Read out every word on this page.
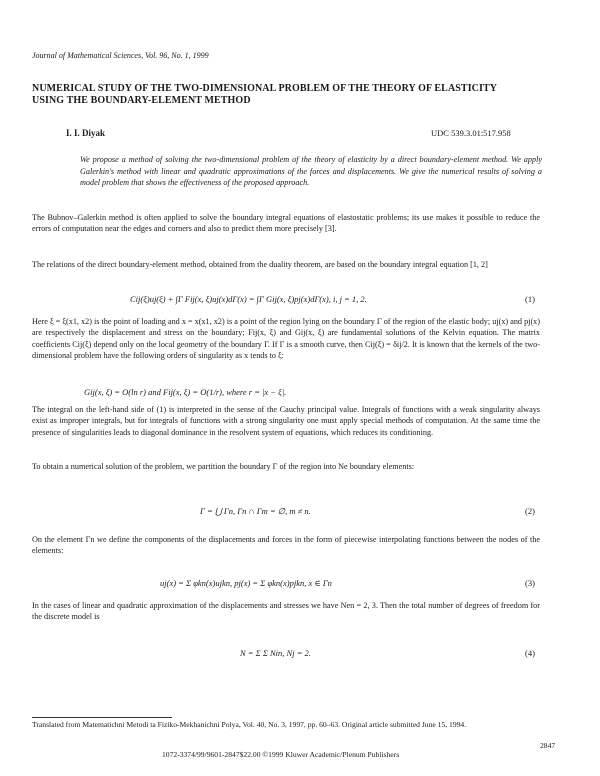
Journal of Mathematical Sciences, Vol. 96, No. 1, 1999
NUMERICAL STUDY OF THE TWO-DIMENSIONAL PROBLEM OF THE THEORY OF ELASTICITY USING THE BOUNDARY-ELEMENT METHOD
I. I. Diyak	UDC 539.3.01:517.958
We propose a method of solving the two-dimensional problem of the theory of elasticity by a direct boundary-element method. We apply Galerkin's method with linear and quadratic approximations of the forces and displacements. We give the numerical results of solving a model problem that shows the effectiveness of the proposed approach.
The Bubnov–Galerkin method is often applied to solve the boundary integral equations of elastostatic problems; its use makes it possible to reduce the errors of computation near the edges and corners and also to predict them more precisely [3].
The relations of the direct boundary-element method, obtained from the duality theorem, are based on the boundary integral equation [1, 2]
Cij(ξ)uj(ξ) + ∫Γ Fij(x, ξ)uj(x)dΓ(x) = ∫Γ Gij(x, ξ)pj(x)dΓ(x), i, j = 1, 2.	(1)
Here ξ = ξ(x1, x2) is the point of loading and x = x(x1, x2) is a point of the region lying on the boundary Γ of the region of the elastic body; uj(x) and pj(x) are respectively the displacement and stress on the boundary; Fij(x, ξ) and Gij(x, ξ) are fundamental solutions of the Kelvin equation. The matrix coefficients Cij(ξ) depend only on the local geometry of the boundary Γ. If Γ is a smooth curve, then Cij(ξ) = δij/2. It is known that the kernels of the two-dimensional problem have the following orders of singularity as x tends to ξ:
Gij(x, ξ) = O(ln r) and Fij(x, ξ) = O(1/r), where r = |x − ξ|.
The integral on the left-hand side of (1) is interpreted in the sense of the Cauchy principal value. Integrals of functions with a weak singularity always exist as improper integrals, but for integrals of functions with a strong singularity one must apply special methods of computation. At the same time the presence of singularities leads to diagonal dominance in the resolvent system of equations, which reduces its conditioning.
To obtain a numerical solution of the problem, we partition the boundary Γ of the region into Ne boundary elements:
Γ = ⋃ Γn, Γn ∩ Γm = ∅, m ≠ n.	(2)
On the element Γn we define the components of the displacements and forces in the form of piecewise interpolating functions between the nodes of the elements:
uj(x) = Σ φkn(x)ujkn, pj(x) = Σ φkn(x)pjkn, x ∈ Γn	(3)
In the cases of linear and quadratic approximation of the displacements and stresses we have Nen = 2, 3. Then the total number of degrees of freedom for the discrete model is
N = Σ Σ Nin, Nj = 2.	(4)
Translated from Matematichni Metodi ta Fiziko-Mekhanichni Polya, Vol. 40, No. 3, 1997, pp. 60–63. Original article submitted June 15, 1994.
1072-3374/99/9601-2847$22.00 ©1999 Kluwer Academic/Plenum Publishers
2847
